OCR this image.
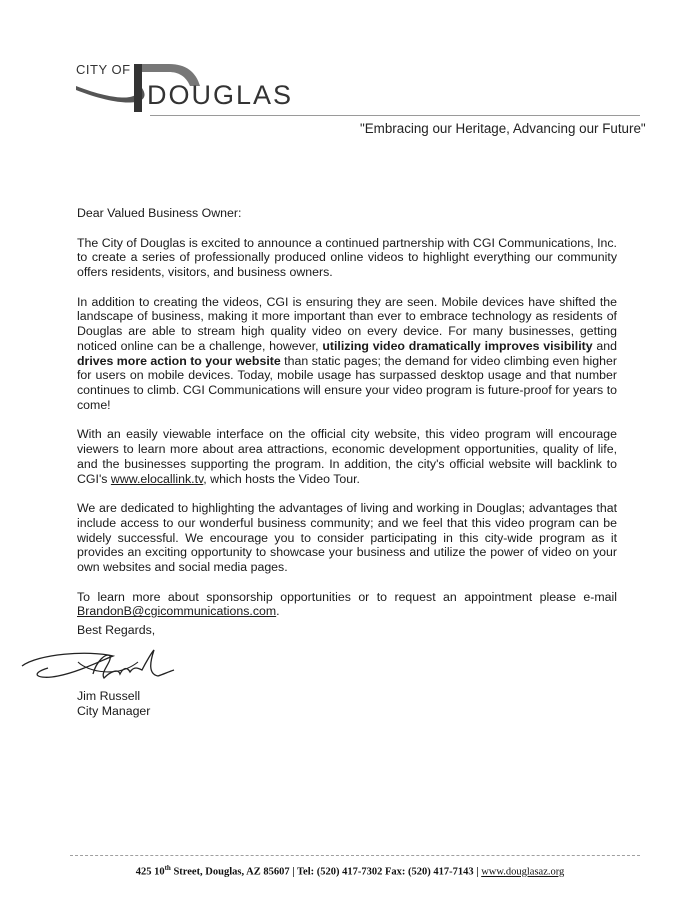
CITY OF
DOUGLAS
"Embracing our Heritage, Advancing our Future"

Dear Valued Business Owner:

The City of Douglas is excited to announce a continued partnership with CGI Communications, Inc. to create a series of professionally produced online videos to highlight everything our community offers residents, visitors, and business owners.

In addition to creating the videos, CGI is ensuring they are seen. Mobile devices have shifted the landscape of business, making it more important than ever to embrace technology as residents of Douglas are able to stream high quality video on every device. For many businesses, getting noticed online can be a challenge, however, utilizing video dramatically improves visibility and drives more action to your website than static pages; the demand for video climbing even higher for users on mobile devices. Today, mobile usage has surpassed desktop usage and that number continues to climb. CGI Communications will ensure your video program is future-proof for years to come!

With an easily viewable interface on the official city website, this video program will encourage viewers to learn more about area attractions, economic development opportunities, quality of life, and the businesses supporting the program. In addition, the city's official website will backlink to CGI's www.elocallink.tv, which hosts the Video Tour.

We are dedicated to highlighting the advantages of living and working in Douglas; advantages that include access to our wonderful business community; and we feel that this video program can be widely successful. We encourage you to consider participating in this city-wide program as it provides an exciting opportunity to showcase your business and utilize the power of video on your own websites and social media pages.

To learn more about sponsorship opportunities or to request an appointment please e-mail BrandonB@cgicommunications.com.

Best Regards,
Jim Russell
City Manager
425 10th Street, Douglas, AZ 85607 | Tel: (520) 417-7302 Fax: (520) 417-7143 | www.douglasaz.org
